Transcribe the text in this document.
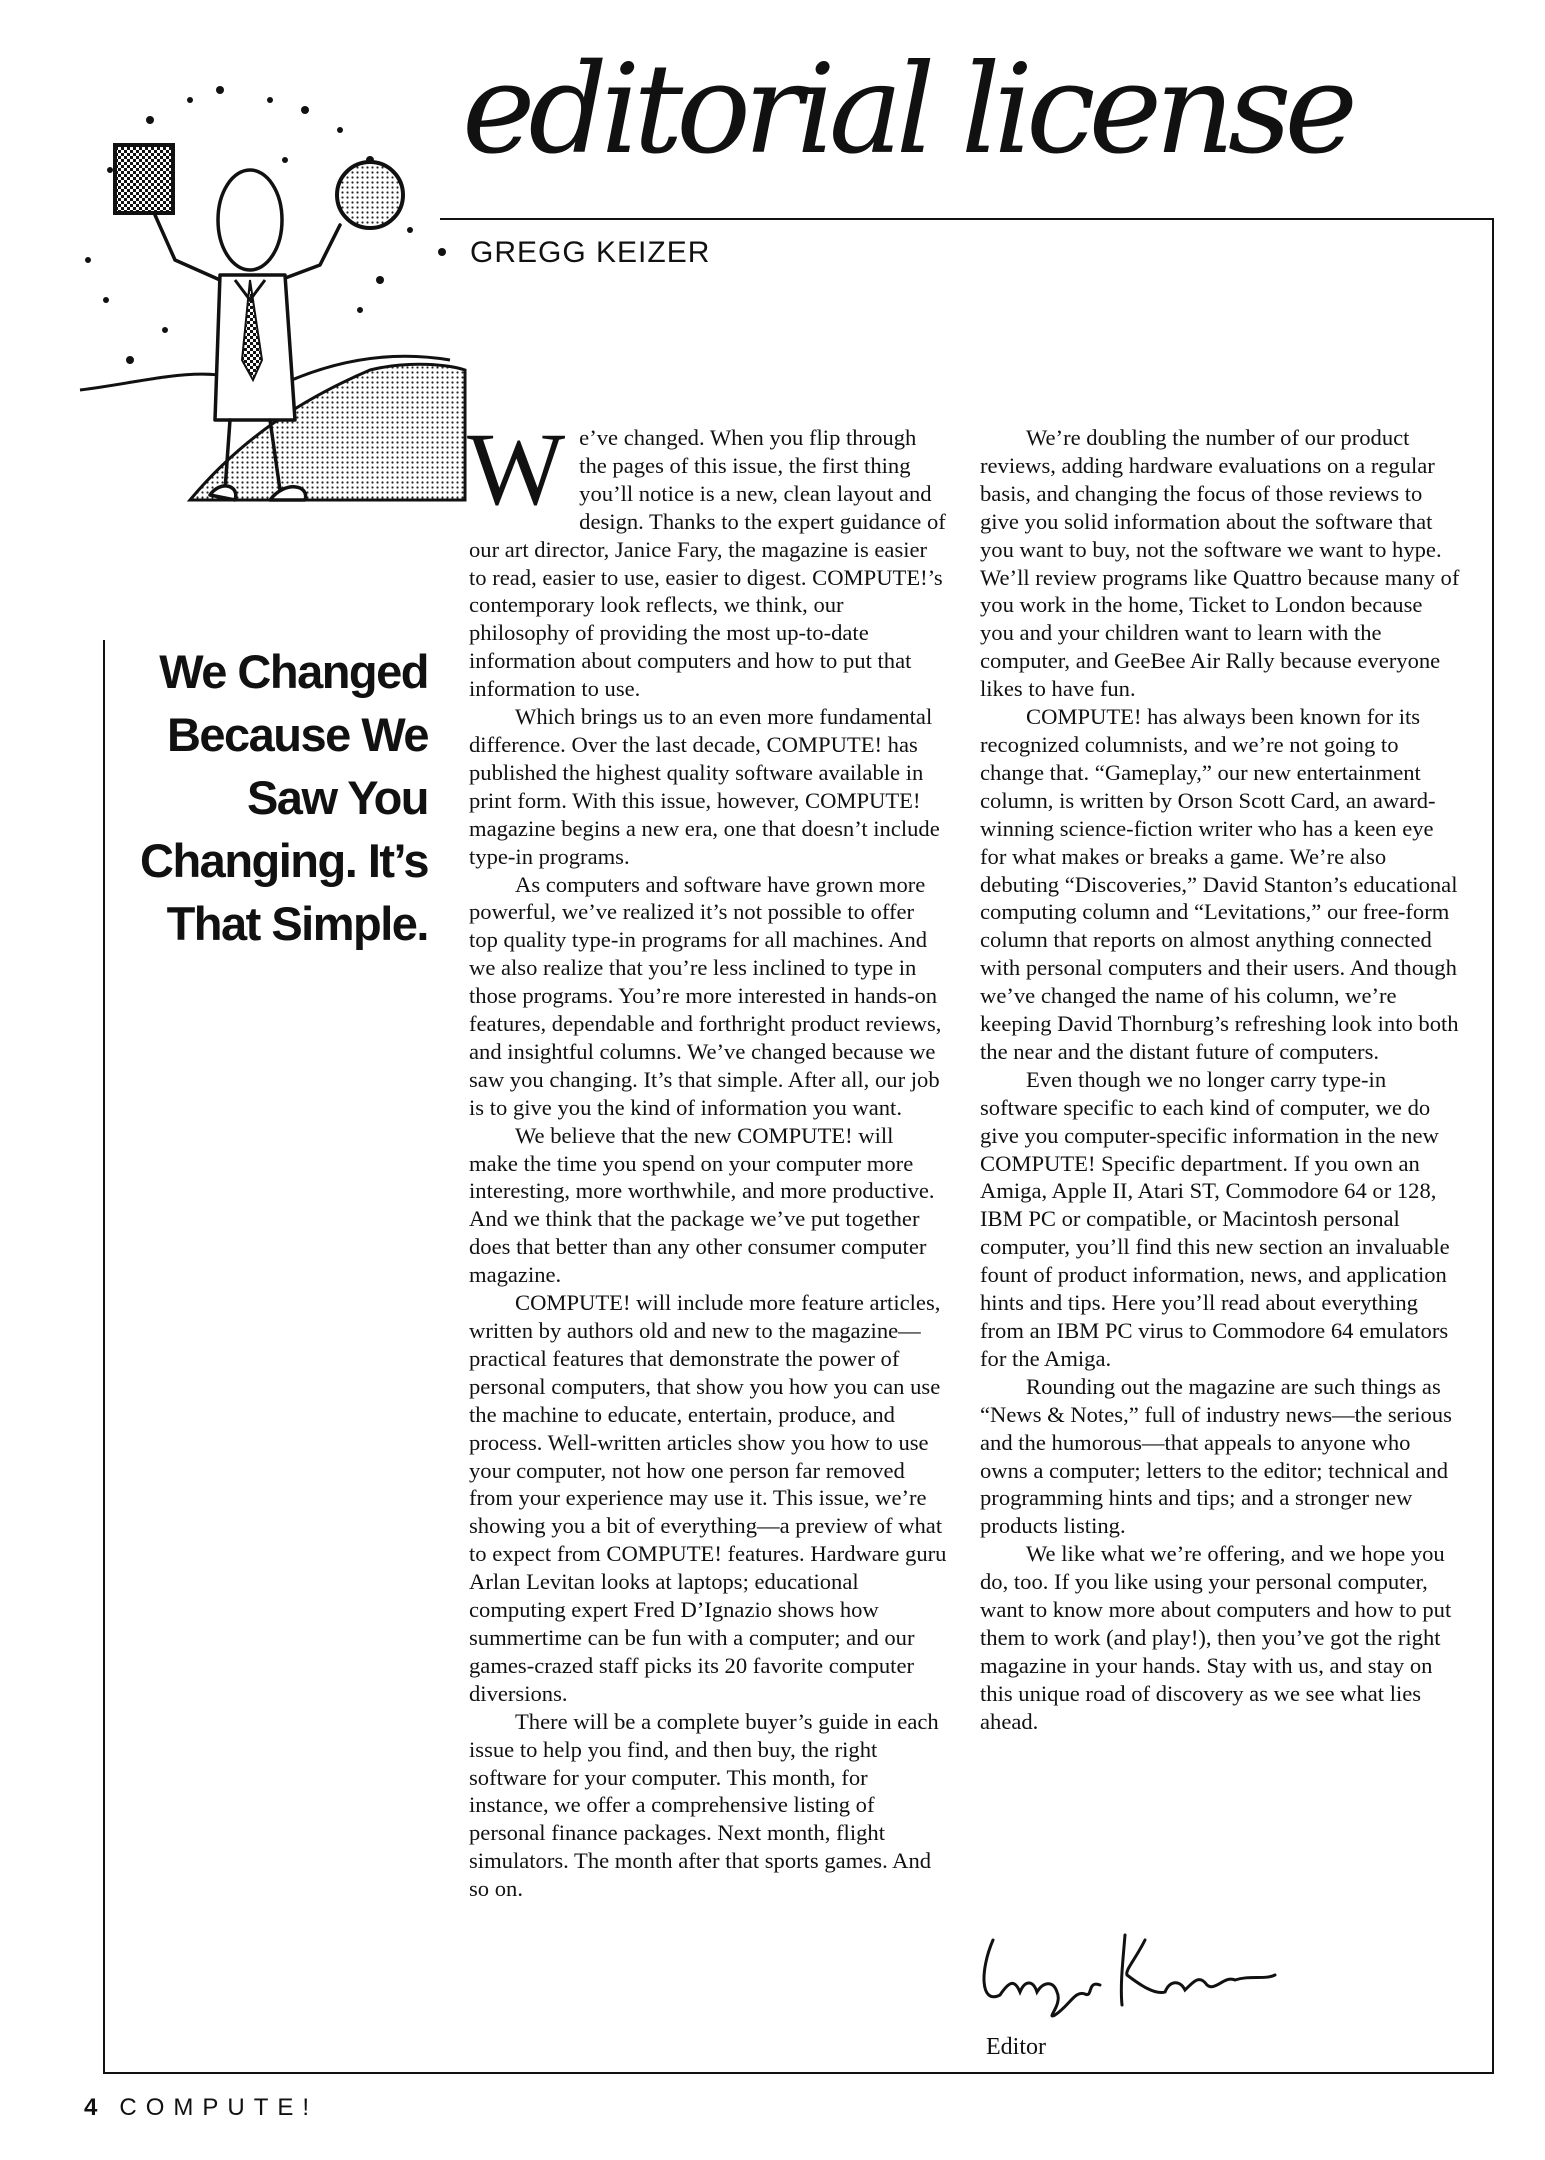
editorial license
GREGG KEIZER
We Changed
Because We
Saw You
Changing. It’s
That Simple.

We’ve changed. When you flip through the pages of this issue, the first thing you’ll notice is a new, clean layout and design. Thanks to the expert guidance of our art director, Janice Fary, the magazine is easier to read, easier to use, easier to digest. COMPUTE!’s contemporary look reflects, we think, our philosophy of providing the most up-to-date information about computers and how to put that information to use.

Which brings us to an even more fundamental difference. Over the last decade, COMPUTE! has published the highest quality software available in print form. With this issue, however, COMPUTE! magazine begins a new era, one that doesn’t include type-in programs.

As computers and software have grown more powerful, we’ve realized it’s not possible to offer top quality type-in programs for all machines. And we also realize that you’re less inclined to type in those programs. You’re more interested in hands-on features, dependable and forthright product reviews, and insightful columns. We’ve changed because we saw you changing. It’s that simple. After all, our job is to give you the kind of information you want.

We believe that the new COMPUTE! will make the time you spend on your computer more interesting, more worthwhile, and more productive. And we think that the package we’ve put together does that better than any other consumer computer magazine.

COMPUTE! will include more feature articles, written by authors old and new to the magazine—practical features that demonstrate the power of personal computers, that show you how you can use the machine to educate, entertain, produce, and process. Well-written articles show you how to use your computer, not how one person far removed from your experience may use it. This issue, we’re showing you a bit of everything—a preview of what to expect from COMPUTE! features. Hardware guru Arlan Levitan looks at laptops; educational computing expert Fred D’Ignazio shows how summertime can be fun with a computer; and our games-crazed staff picks its 20 favorite computer diversions.

There will be a complete buyer’s guide in each issue to help you find, and then buy, the right software for your computer. This month, for instance, we offer a comprehensive listing of personal finance packages. Next month, flight simulators. The month after that sports games. And so on.

We’re doubling the number of our product reviews, adding hardware evaluations on a regular basis, and changing the focus of those reviews to give you solid information about the software that you want to buy, not the software we want to hype. We’ll review programs like Quattro because many of you work in the home, Ticket to London because you and your children want to learn with the computer, and GeeBee Air Rally because everyone likes to have fun.

COMPUTE! has always been known for its recognized columnists, and we’re not going to change that. “Gameplay,” our new entertainment column, is written by Orson Scott Card, an award-winning science-fiction writer who has a keen eye for what makes or breaks a game. We’re also debuting “Discoveries,” David Stanton’s educational computing column and “Levitations,” our free-form column that reports on almost anything connected with personal computers and their users. And though we’ve changed the name of his column, we’re keeping David Thornburg’s refreshing look into both the near and the distant future of computers.

Even though we no longer carry type-in software specific to each kind of computer, we do give you computer-specific information in the new COMPUTE! Specific department. If you own an Amiga, Apple II, Atari ST, Commodore 64 or 128, IBM PC or compatible, or Macintosh personal computer, you’ll find this new section an invaluable fount of product information, news, and application hints and tips. Here you’ll read about everything from an IBM PC virus to Commodore 64 emulators for the Amiga.

Rounding out the magazine are such things as “News & Notes,” full of industry news—the serious and the humorous—that appeals to anyone who owns a computer; letters to the editor; technical and programming hints and tips; and a stronger new products listing.

We like what we’re offering, and we hope you do, too. If you like using your personal computer, want to know more about computers and how to put them to work (and play!), then you’ve got the right magazine in your hands. Stay with us, and stay on this unique road of discovery as we see what lies ahead.

Editor
4 COMPUTE!
